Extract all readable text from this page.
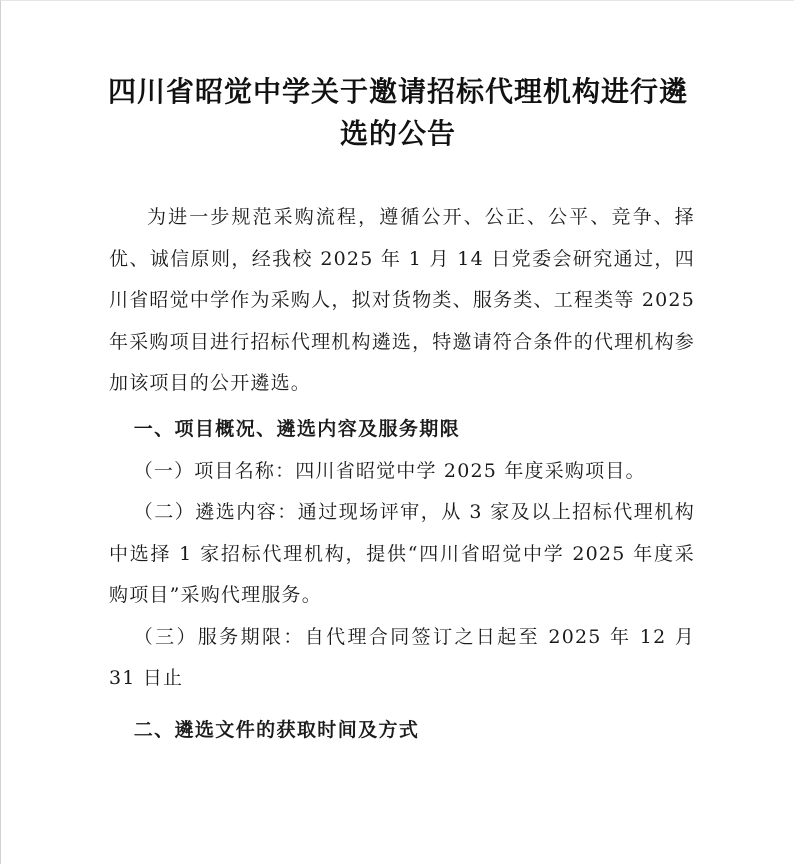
四川省昭觉中学关于邀请招标代理机构进行遴选的公告

为进一步规范采购流程，遵循公开、公正、公平、竞争、择优、诚信原则，经我校 2025 年 1 月 14 日党委会研究通过，四川省昭觉中学作为采购人，拟对货物类、服务类、工程类等 2025 年采购项目进行招标代理机构遴选，特邀请符合条件的代理机构参加该项目的公开遴选。

一、项目概况、遴选内容及服务期限

（一）项目名称：四川省昭觉中学 2025 年度采购项目。

（二）遴选内容：通过现场评审，从 3 家及以上招标代理机构中选择 1 家招标代理机构，提供“四川省昭觉中学 2025 年度采购项目”采购代理服务。

（三）服务期限：自代理合同签订之日起至 2025 年 12 月 31 日止

二、遴选文件的获取时间及方式
